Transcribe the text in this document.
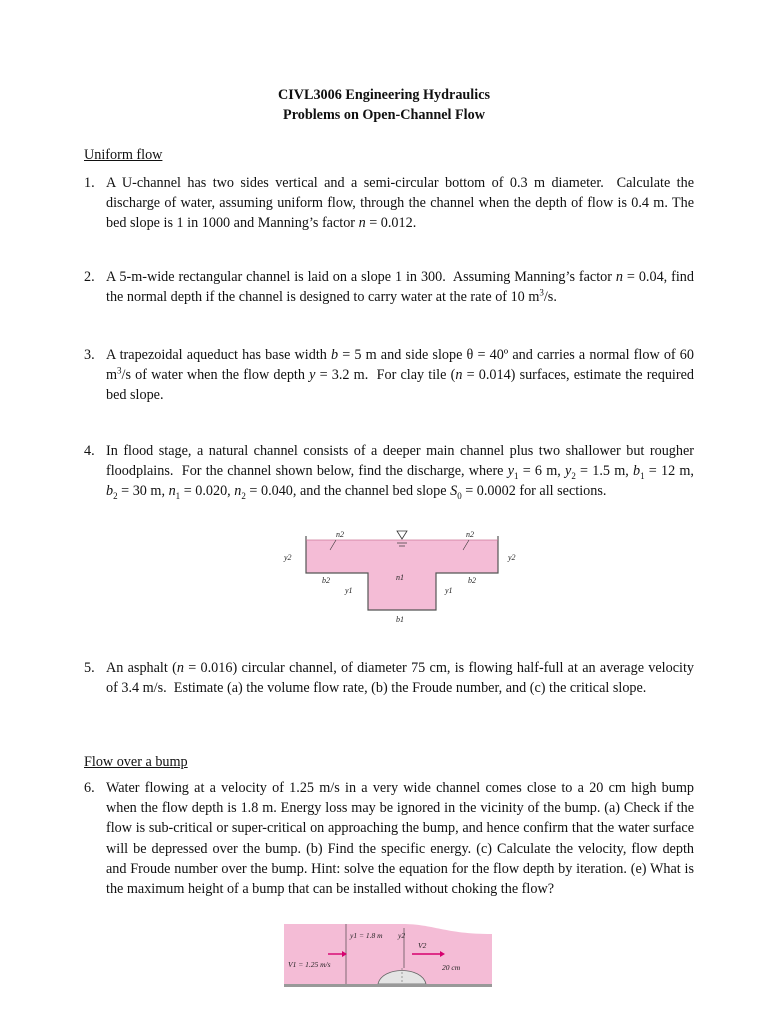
CIVL3006 Engineering Hydraulics
Problems on Open-Channel Flow
Uniform flow
1. A U-channel has two sides vertical and a semi-circular bottom of 0.3 m diameter.  Calculate the discharge of water, assuming uniform flow, through the channel when the depth of flow is 0.4 m. The bed slope is 1 in 1000 and Manning’s factor n = 0.012.
2. A 5-m-wide rectangular channel is laid on a slope 1 in 300.  Assuming Manning’s factor n = 0.04, find the normal depth if the channel is designed to carry water at the rate of 10 $m^3/s$.
3. A trapezoidal aqueduct has base width b = 5 m and side slope θ = 40º and carries a normal flow of 60 $m^3/s$ of water when the flow depth y = 3.2 m.  For clay tile (n = 0.014) surfaces, estimate the required bed slope.
4. In flood stage, a natural channel consists of a deeper main channel plus two shallower but rougher floodplains.  For the channel shown below, find the discharge, where $y_1 = 6$ m, $y_2 = 1.5$ m, $b_1 = 12$ m, $b_2 = 30$ m, $n_1 = 0.020$, $n_2 = 0.040$, and the channel bed slope $S_0 = 0.0002$ for all sections.
n2	n2
y2	y2
n1
b2	b2
y1	y1
b1
5. An asphalt (n = 0.016) circular channel, of diameter 75 cm, is flowing half-full at an average velocity of 3.4 m/s.  Estimate (a) the volume flow rate, (b) the Froude number, and (c) the critical slope.
Flow over a bump
6. Water flowing at a velocity of 1.25 m/s in a very wide channel comes close to a 20 cm high bump when the flow depth is 1.8 m. Energy loss may be ignored in the vicinity of the bump. (a) Check if the flow is sub-critical or super-critical on approaching the bump, and hence confirm that the water surface will be depressed over the bump. (b) Find the specific energy. (c) Calculate the velocity, flow depth and Froude number over the bump. Hint: solve the equation for the flow depth by iteration. (e) What is the maximum height of a bump that can be installed without choking the flow?
y1 = 1.8 m y2
V2
V1 = 1.25 m/s	20 cm
